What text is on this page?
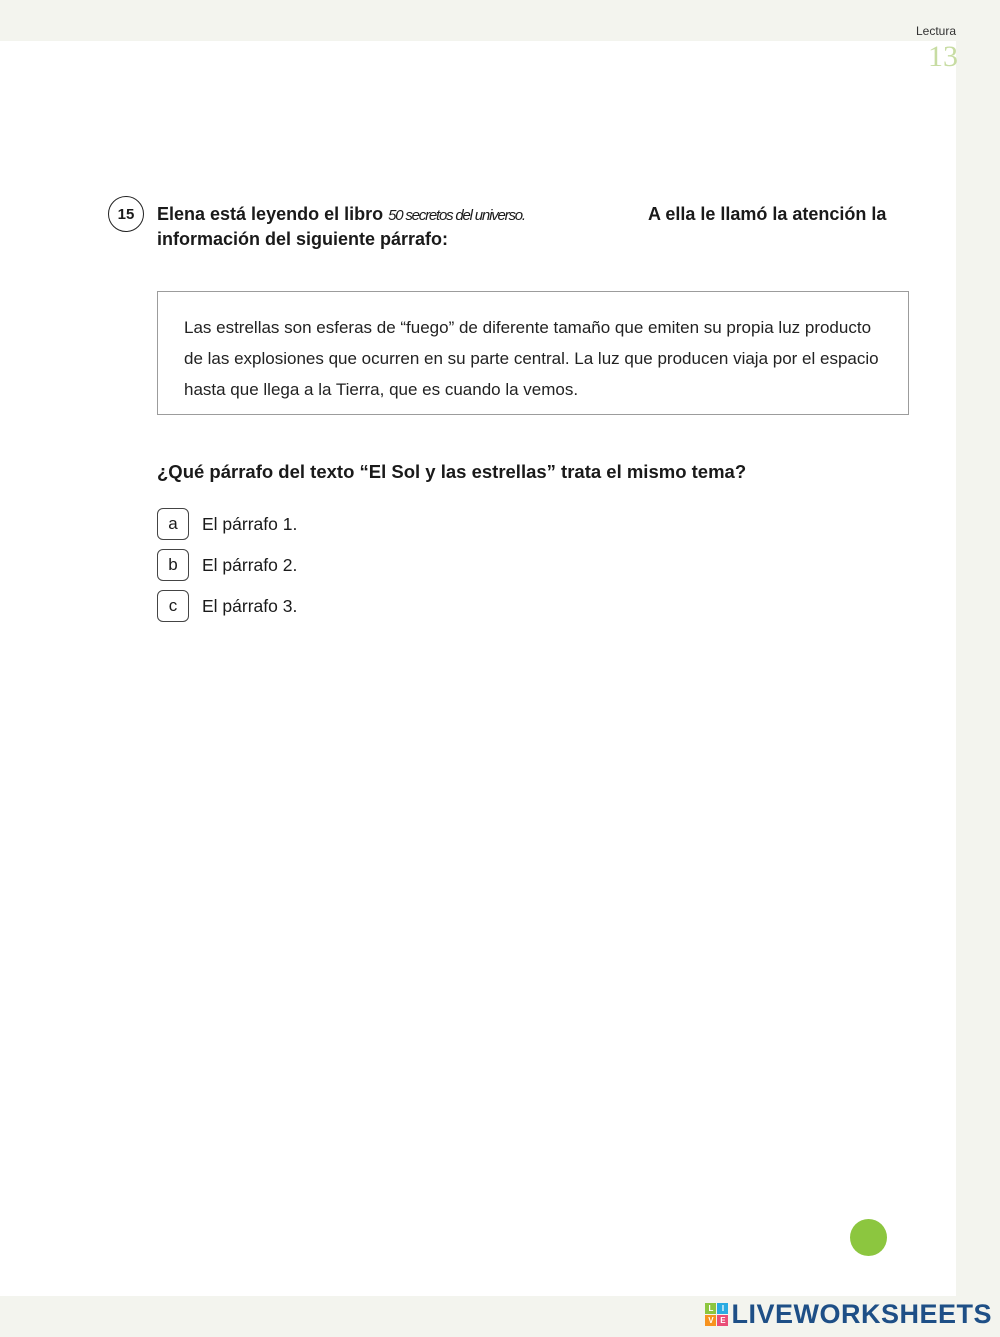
Lectura
13
15	Elena está leyendo el libro 50 secretos del universo.	A ella le llamó la atención la
información del siguiente párrafo:
Las estrellas son esferas de “fuego” de diferente tamaño que emiten su propia luz producto de las explosiones que ocurren en su parte central. La luz que producen viaja por el espacio hasta que llega a la Tierra, que es cuando la vemos.
¿Qué párrafo del texto “El Sol y las estrellas” trata el mismo tema?
a	El párrafo 1.
b	El párrafo 2.
c	El párrafo 3.
L	I
V E LIVEWORKSHEETS
